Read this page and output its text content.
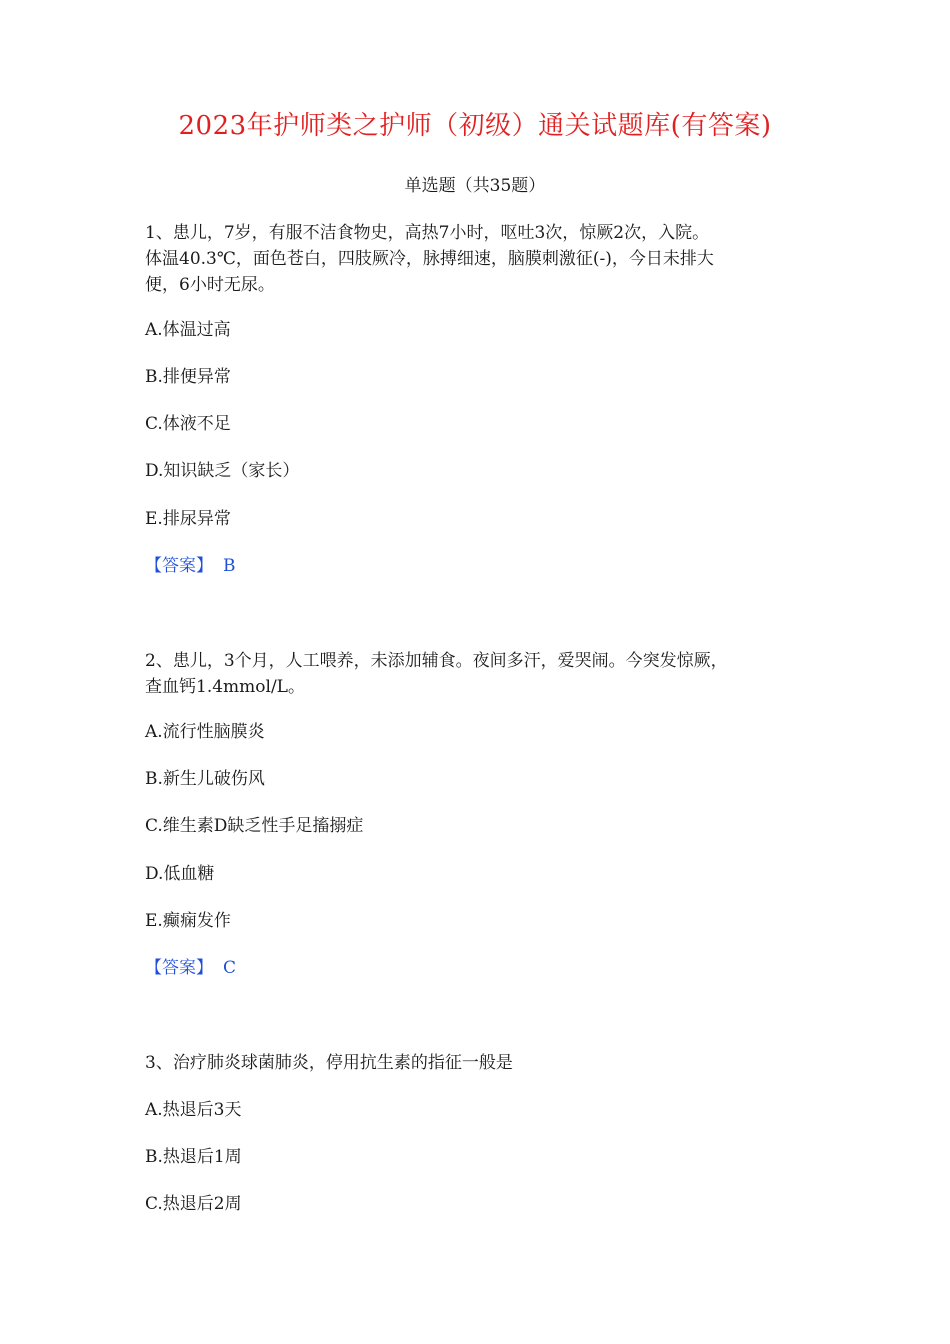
2023年护师类之护师（初级）通关试题库(有答案)
单选题（共35题）
1、患儿，7岁，有服不洁食物史，高热7小时，呕吐3次，惊厥2次，入院。
体温40.3℃，面色苍白，四肢厥冷，脉搏细速，脑膜刺激征(-)，今日未排大
便，6小时无尿。
A.体温过高
B.排便异常
C.体液不足
D.知识缺乏（家长）
E.排尿异常
【答案】 B
2、患儿，3个月，人工喂养，未添加辅食。夜间多汗，爱哭闹。今突发惊厥，
查血钙1.4mmol/L。
A.流行性脑膜炎
B.新生儿破伤风
C.维生素D缺乏性手足搐搦症
D.低血糖
E.癫痫发作
【答案】 C
3、治疗肺炎球菌肺炎，停用抗生素的指征一般是
A.热退后3天
B.热退后1周
C.热退后2周
